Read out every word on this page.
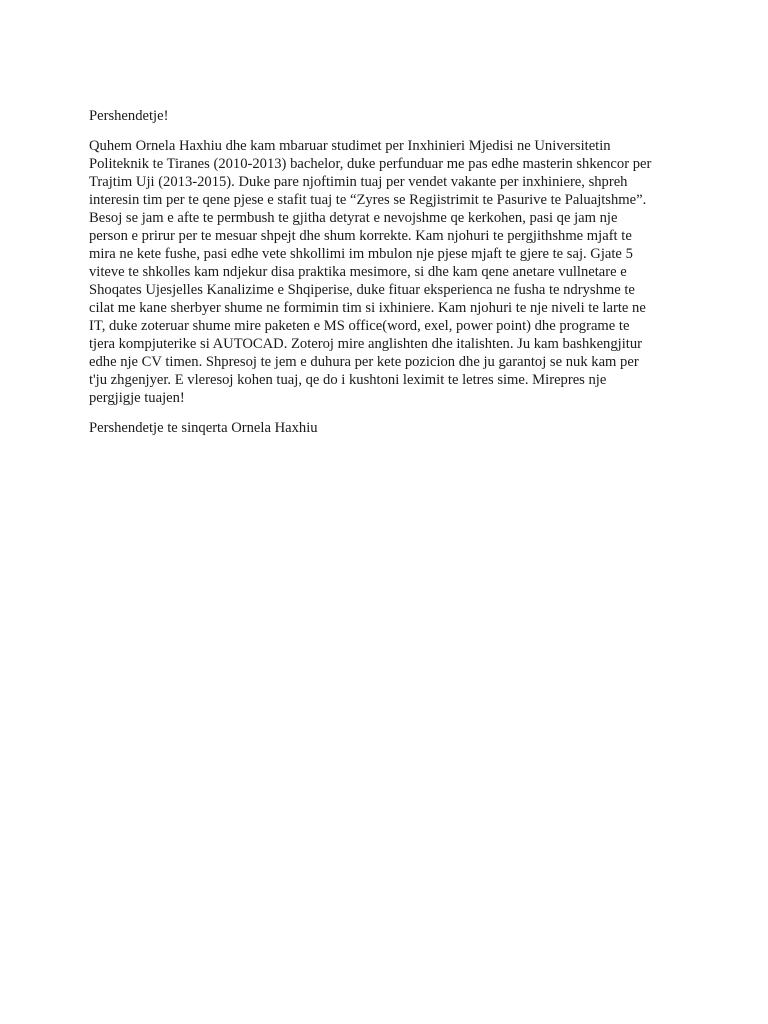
Pershendetje!

Quhem Ornela Haxhiu dhe kam mbaruar studimet per Inxhinieri Mjedisi ne Universitetin
Politeknik te Tiranes (2010-2013) bachelor, duke perfunduar me pas edhe masterin shkencor per
Trajtim Uji (2013-2015). Duke pare njoftimin tuaj per vendet vakante per inxhiniere, shpreh
interesin tim per te qene pjese e stafit tuaj te “Zyres se Regjistrimit te Pasurive te Paluajtshme”.
Besoj se jam e afte te permbush te gjitha detyrat e nevojshme qe kerkohen, pasi qe jam nje
person e prirur per te mesuar shpejt dhe shum korrekte. Kam njohuri te pergjithshme mjaft te
mira ne kete fushe, pasi edhe vete shkollimi im mbulon nje pjese mjaft te gjere te saj. Gjate 5
viteve te shkolles kam ndjekur disa praktika mesimore, si dhe kam qene anetare vullnetare e
Shoqates Ujesjelles Kanalizime e Shqiperise, duke fituar eksperienca ne fusha te ndryshme te
cilat me kane sherbyer shume ne formimin tim si ixhiniere. Kam njohuri te nje niveli te larte ne
IT, duke zoteruar shume mire paketen e MS office(word, exel, power point) dhe programe te
tjera kompjuterike si AUTOCAD. Zoteroj mire anglishten dhe italishten. Ju kam bashkengjitur
edhe nje CV timen. Shpresoj te jem e duhura per kete pozicion dhe ju garantoj se nuk kam per
t'ju zhgenjyer. E vleresoj kohen tuaj, qe do i kushtoni leximit te letres sime. Mirepres nje
pergjigje tuajen!

Pershendetje te sinqerta Ornela Haxhiu
